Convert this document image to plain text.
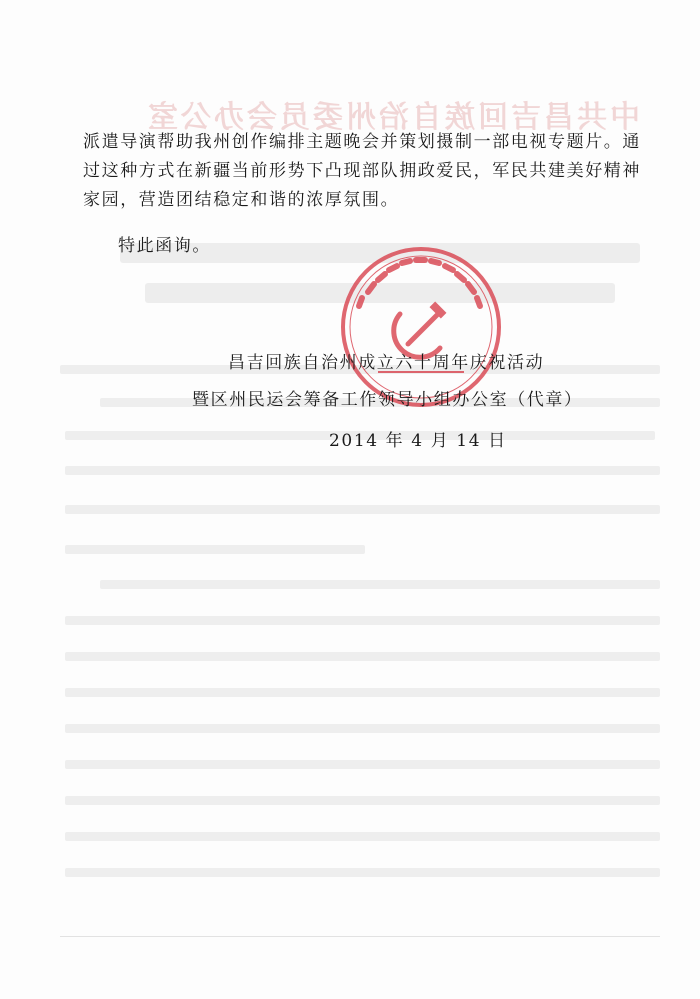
中共昌吉回族自治州委员会办公室

派遣导演帮助我州创作编排主题晚会并策划摄制一部电视专题片。通过这种方式在新疆当前形势下凸现部队拥政爱民，军民共建美好精神家园，营造团结稳定和谐的浓厚氛围。

特此函询。

昌吉回族自治州成立六十周年庆祝活动
暨区州民运会筹备工作领导小组办公室（代章）
2014 年 4 月 14 日
